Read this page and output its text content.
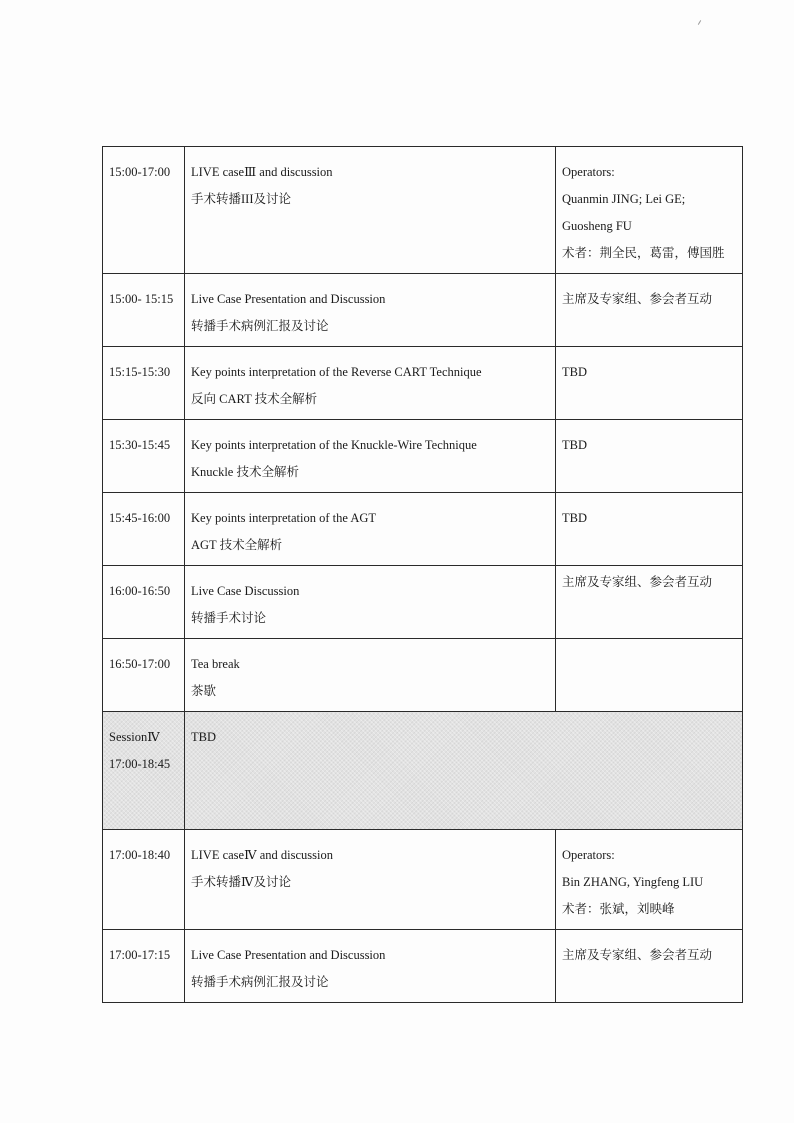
15:00-17:00	LIVE caseⅢ and discussion
手术转播III及讨论	Operators:
Quanmin JING; Lei GE; Guosheng FU
术者：荆全民，葛雷，傅国胜

15:00- 15:15	Live Case Presentation and Discussion
转播手术病例汇报及讨论	主席及专家组、参会者互动

15:15-15:30	Key points interpretation of the Reverse CART Technique
反向 CART 技术全解析	TBD

15:30-15:45	Key points interpretation of the Knuckle-Wire Technique
Knuckle 技术全解析	TBD

15:45-16:00	Key points interpretation of the AGT
AGT 技术全解析	TBD

16:00-16:50	Live Case Discussion
转播手术讨论	主席及专家组、参会者互动

16:50-17:00	Tea break
茶歇	

SessionⅣ
17:00-18:45	TBD	

17:00-18:40	LIVE caseⅣ and discussion
手术转播Ⅳ及讨论	Operators:
Bin ZHANG, Yingfeng LIU
术者：张斌，刘映峰

17:00-17:15	Live Case Presentation and Discussion
转播手术病例汇报及讨论	主席及专家组、参会者互动
